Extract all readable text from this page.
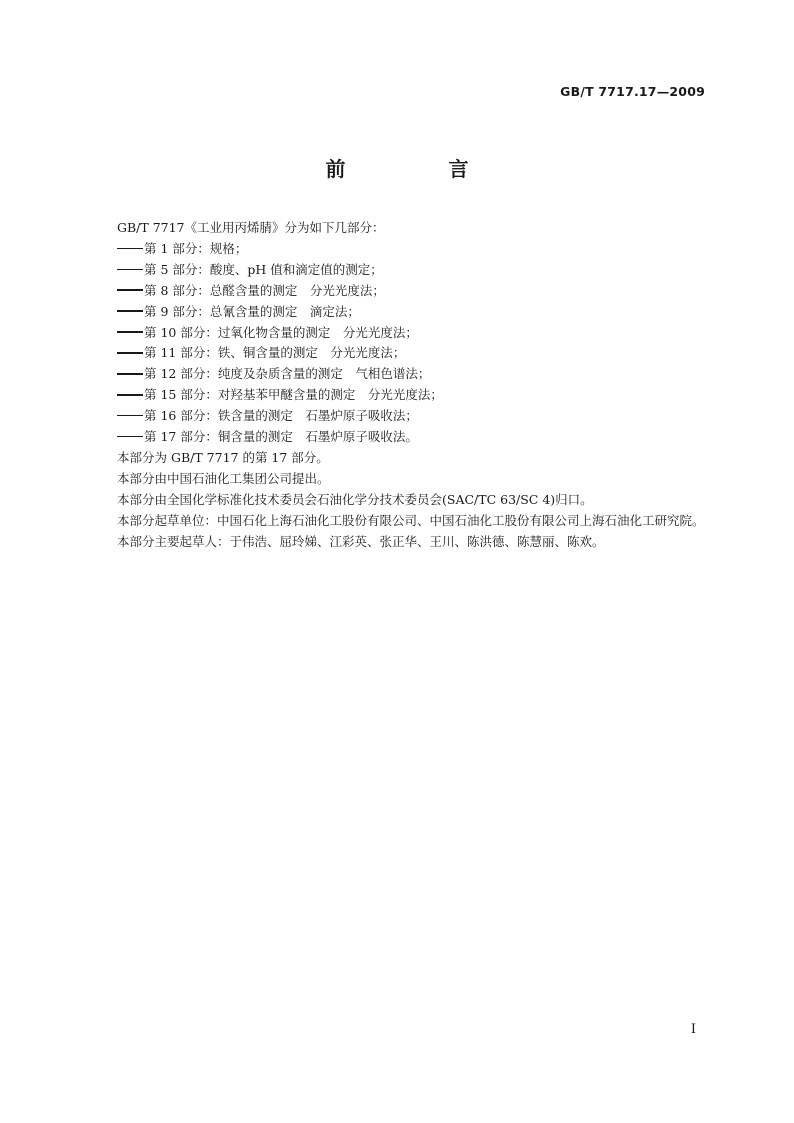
GB/T 7717.17—2009
前 言

GB/T 7717《工业用丙烯腈》分为如下几部分：

第 1 部分：规格；

第 5 部分：酸度、pH 值和滴定值的测定；

第 8 部分：总醛含量的测定　分光光度法；

第 9 部分：总氰含量的测定　滴定法；

第 10 部分：过氧化物含量的测定　分光光度法；

第 11 部分：铁、铜含量的测定　分光光度法；

第 12 部分：纯度及杂质含量的测定　气相色谱法；

第 15 部分：对羟基苯甲醚含量的测定　分光光度法；

第 16 部分：铁含量的测定　石墨炉原子吸收法；

第 17 部分：铜含量的测定　石墨炉原子吸收法。

本部分为 GB/T 7717 的第 17 部分。

本部分由中国石油化工集团公司提出。

本部分由全国化学标准化技术委员会石油化学分技术委员会(SAC/TC 63/SC 4)归口。

本部分起草单位：中国石化上海石油化工股份有限公司、中国石油化工股份有限公司上海石油化工研究院。

本部分主要起草人：于伟浩、屈玲娣、江彩英、张正华、王川、陈洪德、陈慧丽、陈欢。

I
